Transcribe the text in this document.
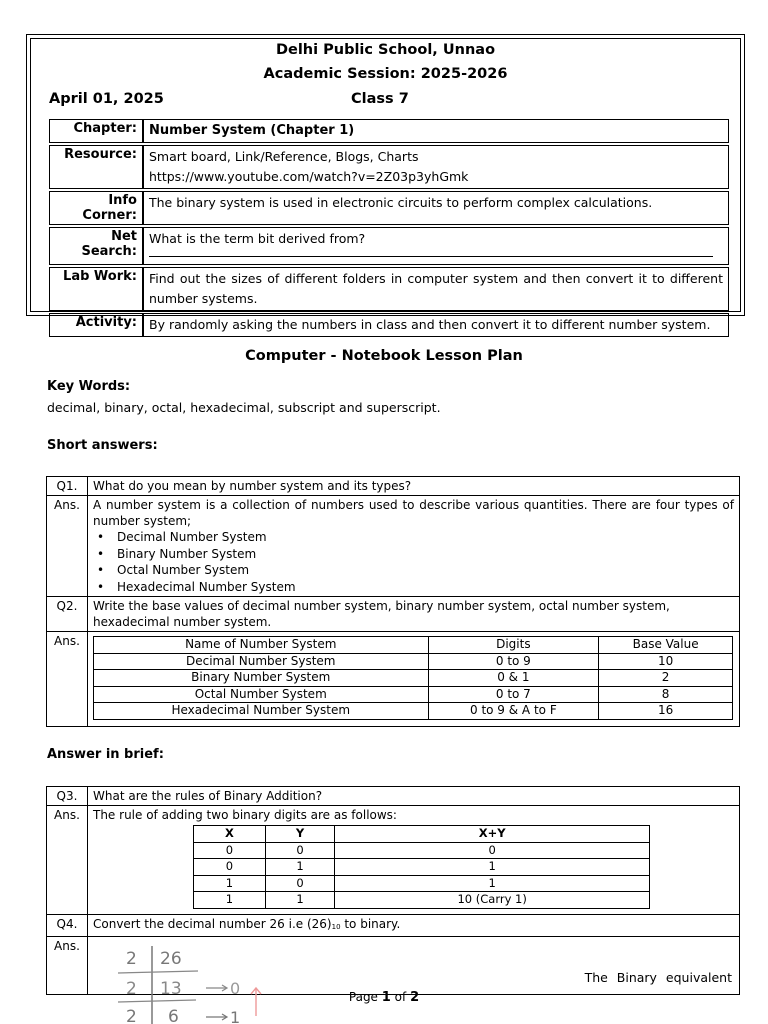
Delhi Public School, Unnao
Academic Session: 2025-2026
April 01, 2025	Class 7
Chapter:	Number System (Chapter 1)
Resource:	Smart board, Link/Reference, Blogs, Charts
https://www.youtube.com/watch?v=2Z03p3yhGmk

Info Corner:	The binary system is used in electronic circuits to perform complex calculations.
Net Search:	What is the term bit derived from?

Lab Work:	Find out the sizes of different folders in computer system and then convert it to different number systems.
Activity:	By randomly asking the numbers in class and then convert it to different number system.
Computer - Notebook Lesson Plan
Key Words:
decimal, binary, octal, hexadecimal, subscript and superscript.
Short answers:
Q1.	What do you mean by number system and its types?
Ans.	A number system is a collection of numbers used to describe various quantities. There are four types of number system;
• Decimal Number System
• Binary Number System
• Octal Number System
• Hexadecimal Number System

Q2.	Write the base values of decimal number system, binary number system, octal number system, hexadecimal number system.
Ans.		Name of Number System	Digits	Base Value
Decimal Number System	0 to 9	10
Binary Number System	0 & 1	2
Octal Number System	0 to 7	8
Hexadecimal Number System	0 to 9 & A to F	16
Answer in brief:
Q3.	What are the rules of Binary Addition?
Ans.	The rule of adding two binary digits are as follows:
X	Y	X+Y
0	0	0
0	1	1
1	0	1
1	1	10 (Carry 1)

Q4.	Convert the decimal number 26 i.e (26)10 to binary.
Ans.	
The Binary equivalent
2 26
2 13	0
2 6	1
Page 1 of 2
